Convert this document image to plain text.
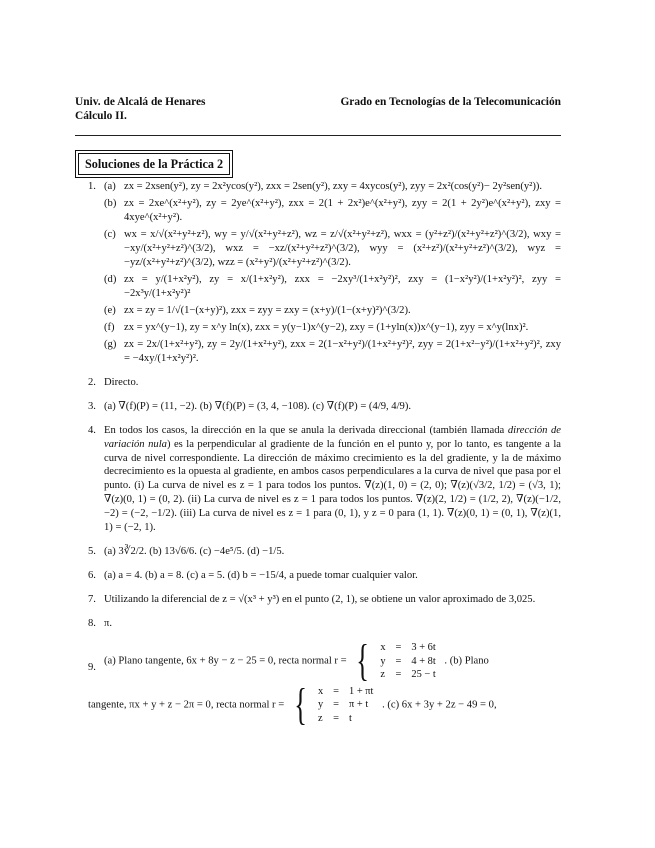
Univ. de Alcalá de Henares
Cálculo II.
Grado en Tecnologías de la Telecomunicación
Soluciones de la Práctica 2
1. (a) zx = 2xsen(y²), zy = 2x²ycos(y²), zxx = 2sen(y²), zxy = 4xycos(y²), zyy = 2x²(cos(y²)− 2y²sen(y²)).
(b) zx = 2xe^(x²+y²), zy = 2ye^(x²+y²), zxx = 2(1 + 2x²)e^(x²+y²), zyy = 2(1 + 2y²)e^(x²+y²), zxy = 4xye^(x²+y²).
(c) wx = x/√(x²+y²+z²), wy = y/√(x²+y²+z²), wz = z/√(x²+y²+z²), wxx = (y²+z²)/(x²+y²+z²)^(3/2), wxy = −xy/(x²+y²+z²)^(3/2), wxz = −xz/(x²+y²+z²)^(3/2), wyy = (x²+z²)/(x²+y²+z²)^(3/2), wyz = −yz/(x²+y²+z²)^(3/2), wzz = (x²+y²)/(x²+y²+z²)^(3/2).
(d) zx = y/(1+x²y²), zy = x/(1+x²y²), zxx = −2xy³/(1+x²y²)², zxy = (1−x²y²)/(1+x²y²)², zyy = −2x³y/(1+x²y²)²
(e) zx = zy = 1/√(1−(x+y)²), zxx = zyy = zxy = (x+y)/(1−(x+y)²)^(3/2).
(f) zx = yx^(y−1), zy = x^y ln(x), zxx = y(y−1)x^(y−2), zxy = (1+yln(x))x^(y−1), zyy = x^y(lnx)².
(g) zx = 2x/(1+x²+y²), zy = 2y/(1+x²+y²), zxx = 2(1−x²+y²)/(1+x²+y²)², zyy = 2(1+x²−y²)/(1+x²+y²)², zxy = −4xy/(1+x²y²)².
2. Directo.
3. (a) ∇(f)(P) = (11, −2). (b) ∇(f)(P) = (3, 4, −108). (c) ∇(f)(P) = (4/9, 4/9).
4. En todos los casos, la dirección en la que se anula la derivada direccional (también llamada dirección de variación nula) es la perpendicular al gradiente de la función en el punto y, por lo tanto, es tangente a la curva de nivel correspondiente. La dirección de máximo crecimiento es la del gradiente, y la de máximo decrecimiento es la opuesta al gradiente, en ambos casos perpendiculares a la curva de nivel que pasa por el punto. (i) La curva de nivel es z = 1 para todos los puntos. ∇(z)(1, 0) = (2, 0); ∇(z)(√3/2, 1/2) = (√3, 1); ∇(z)(0, 1) = (0, 2). (ii) La curva de nivel es z = 1 para todos los puntos. ∇(z)(2, 1/2) = (1/2, 2), ∇(z)(−1/2, −2) = (−2, −1/2). (iii) La curva de nivel es z = 1 para (0, 1), y z = 0 para (1, 1). ∇(z)(0, 1) = (0, 1), ∇(z)(1, 1) = (−2, 1).
5. (a) 3∛2/2. (b) 13√6/6. (c) −4e⁵/5. (d) −1/5.
6. (a) a = 4. (b) a = 8. (c) a = 5. (d) b = −15/4, a puede tomar cualquier valor.
7. Utilizando la diferencial de z = √(x³ + y³) en el punto (2, 1), se obtiene un valor aproximado de 3,025.
8. π.
9.
(a) Plano tangente, 6x + 8y − z − 25 = 0, recta normal r = { x	=	3 + 6t
y	=	4 + 8t
z	=	25 − t
. (b) Plano
tangente, πx + y + z − 2π = 0, recta normal r = { x	=	1 + πt
y	=	π + t
z	=	t
. (c) 6x + 3y + 2z − 49 = 0,
